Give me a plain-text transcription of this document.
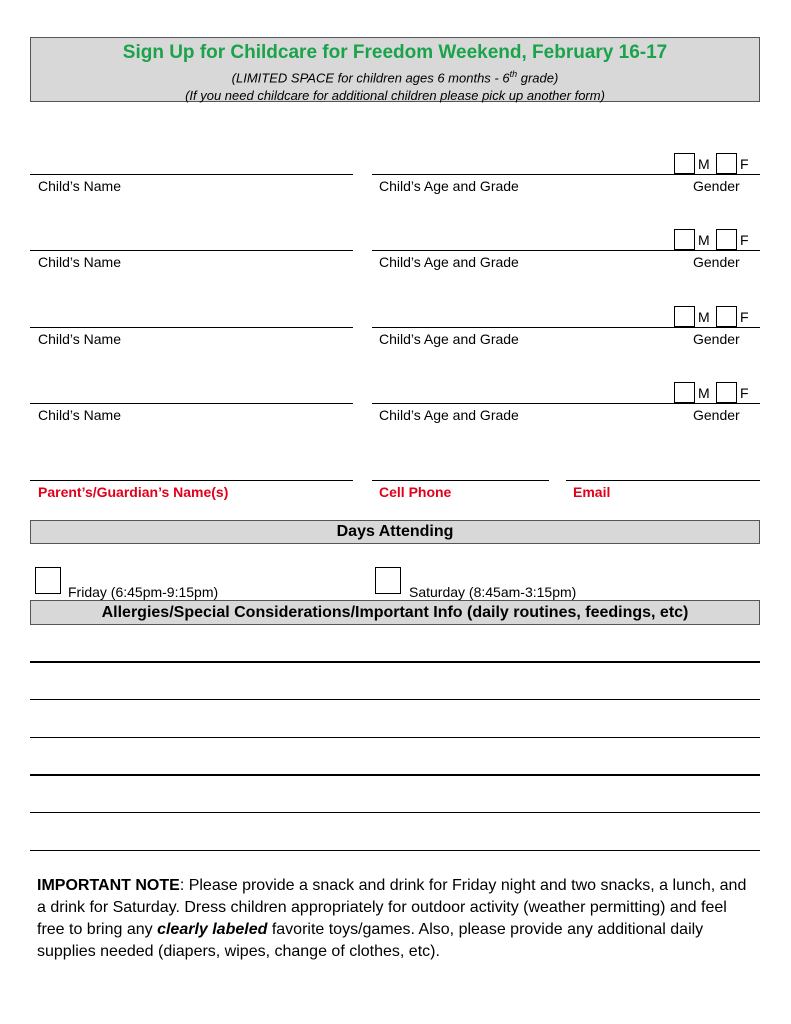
Sign Up for Childcare for Freedom Weekend, February 16-17
(LIMITED SPACE for children ages 6 months - 6th grade)
(If you need childcare for additional children please pick up another form)
M F
Child’s Name	Child’s Age and Grade	Gender
M F
Child’s Name	Child’s Age and Grade	Gender
M F
Child’s Name	Child’s Age and Grade	Gender
M F
Child’s Name	Child’s Age and Grade	Gender
Parent’s/Guardian’s Name(s)	Cell Phone	Email
Days Attending
Friday (6:45pm-9:15pm)	Saturday (8:45am-3:15pm)
Allergies/Special Considerations/Important Info (daily routines, feedings, etc)
IMPORTANT NOTE: Please provide a snack and drink for Friday night and two snacks, a lunch, and a drink for Saturday. Dress children appropriately for outdoor activity (weather permitting) and feel free to bring any clearly labeled favorite toys/games. Also, please provide any additional daily supplies needed (diapers, wipes, change of clothes, etc).
